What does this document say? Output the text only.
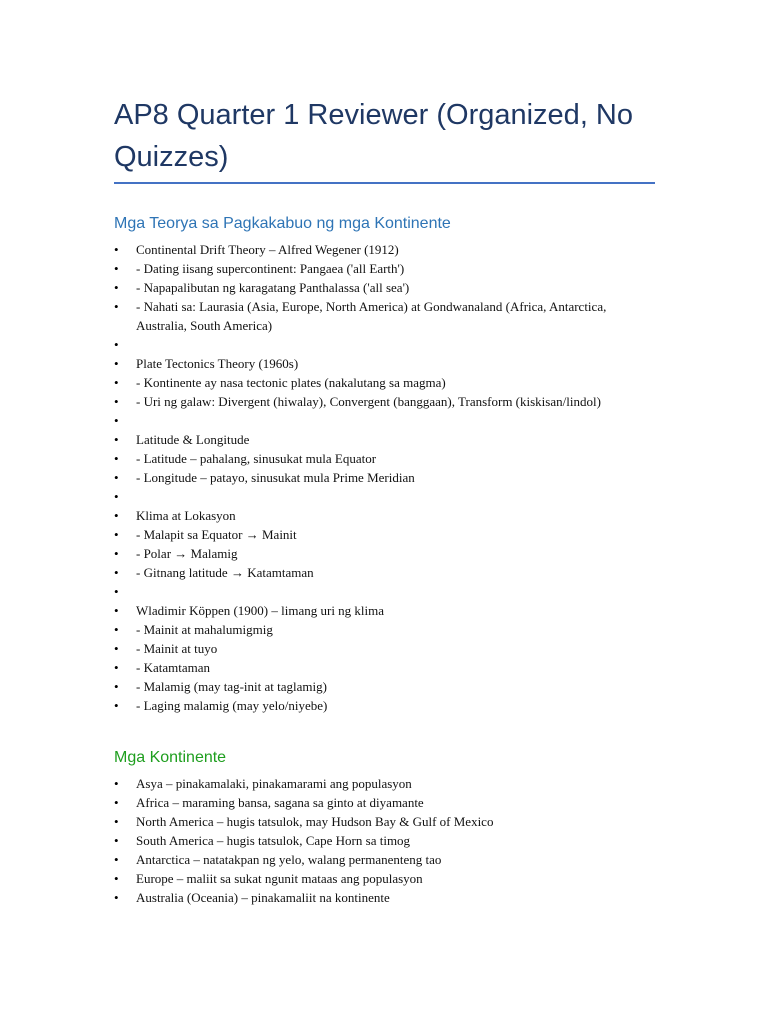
AP8 Quarter 1 Reviewer (Organized, No Quizzes)
Mga Teorya sa Pagkakabuo ng mga Kontinente
• Continental Drift Theory – Alfred Wegener (1912)
• - Dating iisang supercontinent: Pangaea ('all Earth')
• - Napapalibutan ng karagatang Panthalassa ('all sea')
• - Nahati sa: Laurasia (Asia, Europe, North America) at Gondwanaland (Africa, Antarctica, Australia, South America)
•
• Plate Tectonics Theory (1960s)
• - Kontinente ay nasa tectonic plates (nakalutang sa magma)
• - Uri ng galaw: Divergent (hiwalay), Convergent (banggaan), Transform (kiskisan/lindol)
•
• Latitude & Longitude
• - Latitude – pahalang, sinusukat mula Equator
• - Longitude – patayo, sinusukat mula Prime Meridian
•
• Klima at Lokasyon
• - Malapit sa Equator → Mainit
• - Polar → Malamig
• - Gitnang latitude → Katamtaman
•
• Wladimir Köppen (1900) – limang uri ng klima
• - Mainit at mahalumigmig
• - Mainit at tuyo
• - Katamtaman
• - Malamig (may tag-init at taglamig)
• - Laging malamig (may yelo/niyebe)
Mga Kontinente
• Asya – pinakamalaki, pinakamarami ang populasyon
• Africa – maraming bansa, sagana sa ginto at diyamante
• North America – hugis tatsulok, may Hudson Bay & Gulf of Mexico
• South America – hugis tatsulok, Cape Horn sa timog
• Antarctica – natatakpan ng yelo, walang permanenteng tao
• Europe – maliit sa sukat ngunit mataas ang populasyon
• Australia (Oceania) – pinakamaliit na kontinente
